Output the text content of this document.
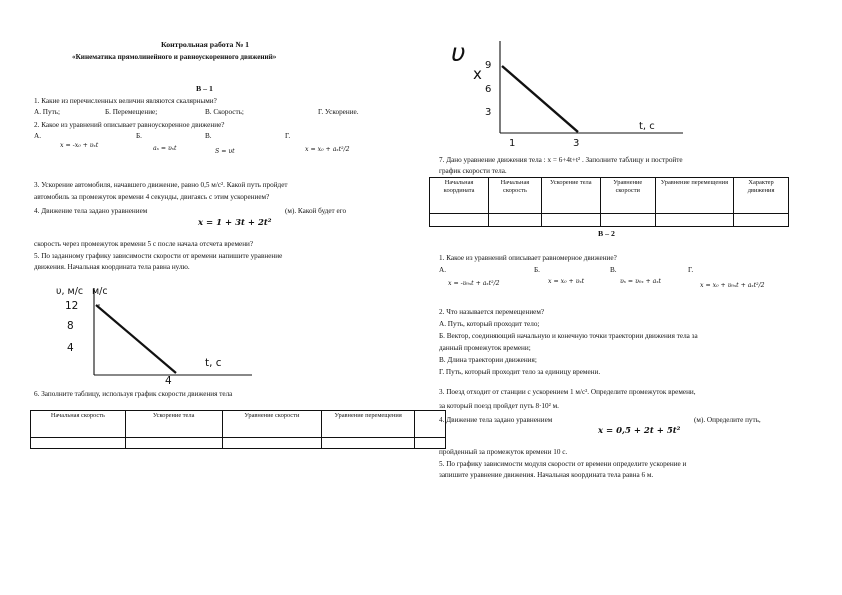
Контрольная работа № 1
«Кинематика прямолинейного и равноускоренного движений»
В – 1
1. Какие из перечисленных величин являются скалярными?
А. Путь;	Б. Перемещение;	В. Скорость;	Г. Ускорение.
2. Какое из уравнений описывает равноускоренное движение?
А.	Б.	В.	Г.
x = -x₀ + υₓt	aₓ = υₓt	S = υt	x = x₀ + aₓt²/2
3. Ускорение автомобиля, начавшего движение, равно 0,5 м/с². Какой путь пройдет
автомобиль за промежуток времени 4 секунды, двигаясь с этим ускорением?
4. Движение тела задано уравнением
x = 1 + 3t + 2t²
(м). Какой будет его
скорость через промежуток времени 5 с после начала отсчета времени?
5. По заданному графику зависимости скорости от времени напишите уравнение
движения. Начальная координата тела равна нулю.
υ, м/с м/с
12
8
4
t, с
4
6. Заполните таблицу, используя график скорости движения тела
Начальная скорость	Ускорение тела	Уравнение скорости	Уравнение перемещения	

υ
x 9
6
3
t, с
1	3
7. Дано уравнение движения тела : x = 6+4t+t² . Заполните таблицу и постройте
график скорости тела.
Начальная координата	Начальная скорость	Ускорение тела	Уравнение скорости	Уравнение перемещения	Характер движения

В – 2
1. Какое из уравнений описывает равномерное движение?
А.	Б.	В.	Г.
x = -υ₀ₓt + aₓt²/2	x = x₀ + υₓt	υₓ = υ₀ₓ + aₓt
x = x₀ + υ₀ₓt + aₓt²/2
2. Что называется перемещением?
А. Путь, который проходит тело;
Б. Вектор, соединяющий начальную и конечную точки траектории движения тела за
данный промежуток времени;
В. Длина траектории движения;
Г. Путь, который проходит тело за единицу времени.
3. Поезд отходит от станции с ускорением 1 м/с². Определите промежуток времени,
за который поезд пройдет путь 8·10² м.
4. Движение тела задано уравнением	(м). Определите путь,
x = 0,5 + 2t + 5t²
пройденный за промежуток времени 10 с.
5. По графику зависимости модуля скорости от времени определите ускорение и
запишите уравнение движения. Начальная координата тела равна 6 м.
